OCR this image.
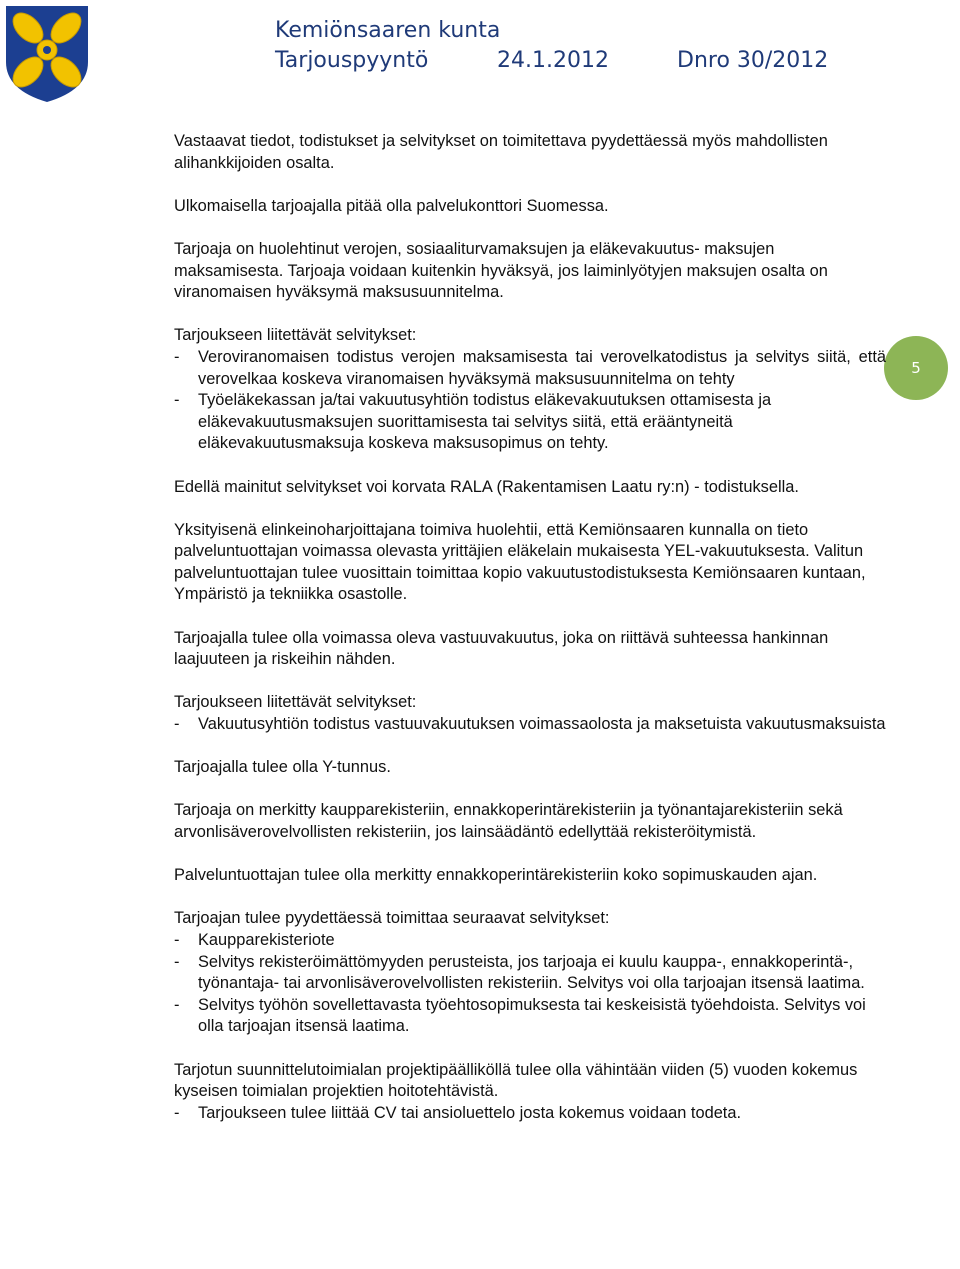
Kemiönsaaren kunta
Tarjouspyyntö	24.1.2012	Dnro 30/2012
5

Vastaavat tiedot, todistukset ja selvitykset on toimitettava pyydettäessä myös mahdollisten alihankkijoiden osalta.

Ulkomaisella tarjoajalla pitää olla palvelukonttori Suomessa.

Tarjoaja on huolehtinut verojen, sosiaaliturvamaksujen ja eläkevakuutus- maksujen maksamisesta. Tarjoaja voidaan kuitenkin hyväksyä, jos laiminlyötyjen maksujen osalta on viranomaisen hyväksymä maksusuunnitelma.

Tarjoukseen liitettävät selvitykset:

- Veroviranomaisen todistus verojen maksamisesta tai verovelkatodistus ja selvitys siitä, että verovelkaa koskeva viranomaisen hyväksymä maksusuunnitelma on tehty
- Työeläkekassan ja/tai vakuutusyhtiön todistus eläkevakuutuksen ottamisesta ja eläkevakuutusmaksujen suorittamisesta tai selvitys siitä, että erääntyneitä eläkevakuutusmaksuja koskeva maksusopimus on tehty.

Edellä mainitut selvitykset voi korvata RALA (Rakentamisen Laatu ry:n) - todistuksella.

Yksityisenä elinkeinoharjoittajana toimiva huolehtii, että Kemiönsaaren kunnalla on tieto palveluntuottajan voimassa olevasta yrittäjien eläkelain mukaisesta YEL-vakuutuksesta. Valitun palveluntuottajan tulee vuosittain toimittaa kopio vakuutustodistuksesta Kemiönsaaren kuntaan, Ympäristö ja tekniikka osastolle.

Tarjoajalla tulee olla voimassa oleva vastuuvakuutus, joka on riittävä suhteessa hankinnan laajuuteen ja riskeihin nähden.

Tarjoukseen liitettävät selvitykset:

- Vakuutusyhtiön todistus vastuuvakuutuksen voimassaolosta ja maksetuista vakuutusmaksuista

Tarjoajalla tulee olla Y-tunnus.

Tarjoaja on merkitty kaupparekisteriin, ennakkoperintärekisteriin ja työnantajarekisteriin sekä arvonlisäverovelvollisten rekisteriin, jos lainsäädäntö edellyttää rekisteröitymistä.

Palveluntuottajan tulee olla merkitty ennakkoperintärekisteriin koko sopimuskauden ajan.

Tarjoajan tulee pyydettäessä toimittaa seuraavat selvitykset:

- Kaupparekisteriote
- Selvitys rekisteröimättömyyden perusteista, jos tarjoaja ei kuulu kauppa-, ennakkoperintä-, työnantaja- tai arvonlisäverovelvollisten rekisteriin. Selvitys voi olla tarjoajan itsensä laatima.
- Selvitys työhön sovellettavasta työehtosopimuksesta tai keskeisistä työehdoista. Selvitys voi olla tarjoajan itsensä laatima.

Tarjotun suunnittelutoimialan projektipäälliköllä tulee olla vähintään viiden (5) vuoden kokemus kyseisen toimialan projektien hoitotehtävistä.

- Tarjoukseen tulee liittää CV tai ansioluettelo josta kokemus voidaan todeta.
